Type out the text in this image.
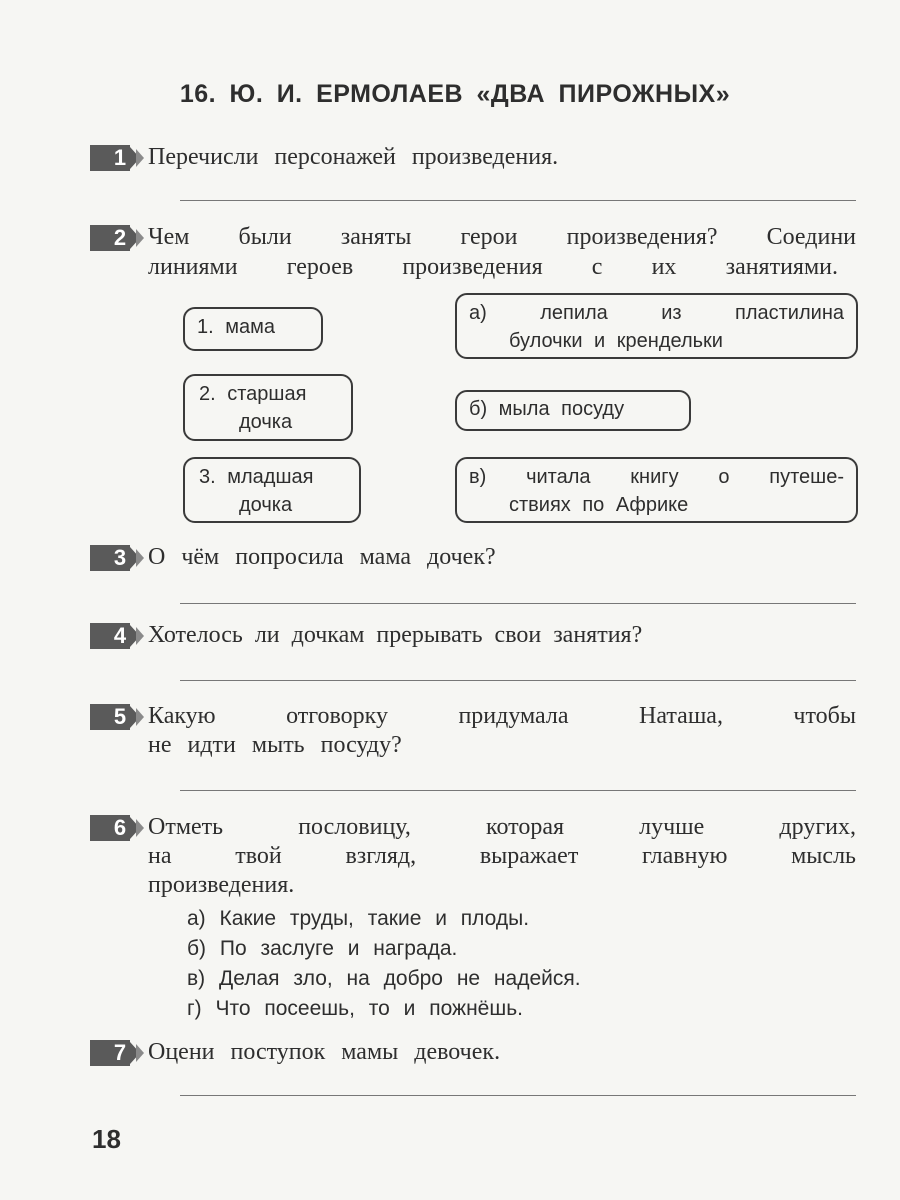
16. Ю. И. ЕРМОЛАЕВ «ДВА ПИРОЖНЫХ»
1 Перечисли персонажей произведения.
2 Чем были заняты герои произведения? Соедини
линиями героев произведения с их занятиями.
1. мама
2. старшая
дочка
3. младшая
дочка
а) лепила из пластилина
булочки и крендельки
б) мыла посуду
в) читала книгу о путеше-
ствиях по Африке
3 О чём попросила мама дочек?
4 Хотелось ли дочкам прерывать свои занятия?
5 Какую отговорку придумала Наташа, чтобы
не идти мыть посуду?
6 Отметь пословицу, которая лучше других,
на твой взгляд, выражает главную мысль
произведения.
а) Какие труды, такие и плоды.
б) По заслуге и награда.
в) Делая зло, на добро не надейся.
г) Что посеешь, то и пожнёшь.
7 Оцени поступок мамы девочек.
18
